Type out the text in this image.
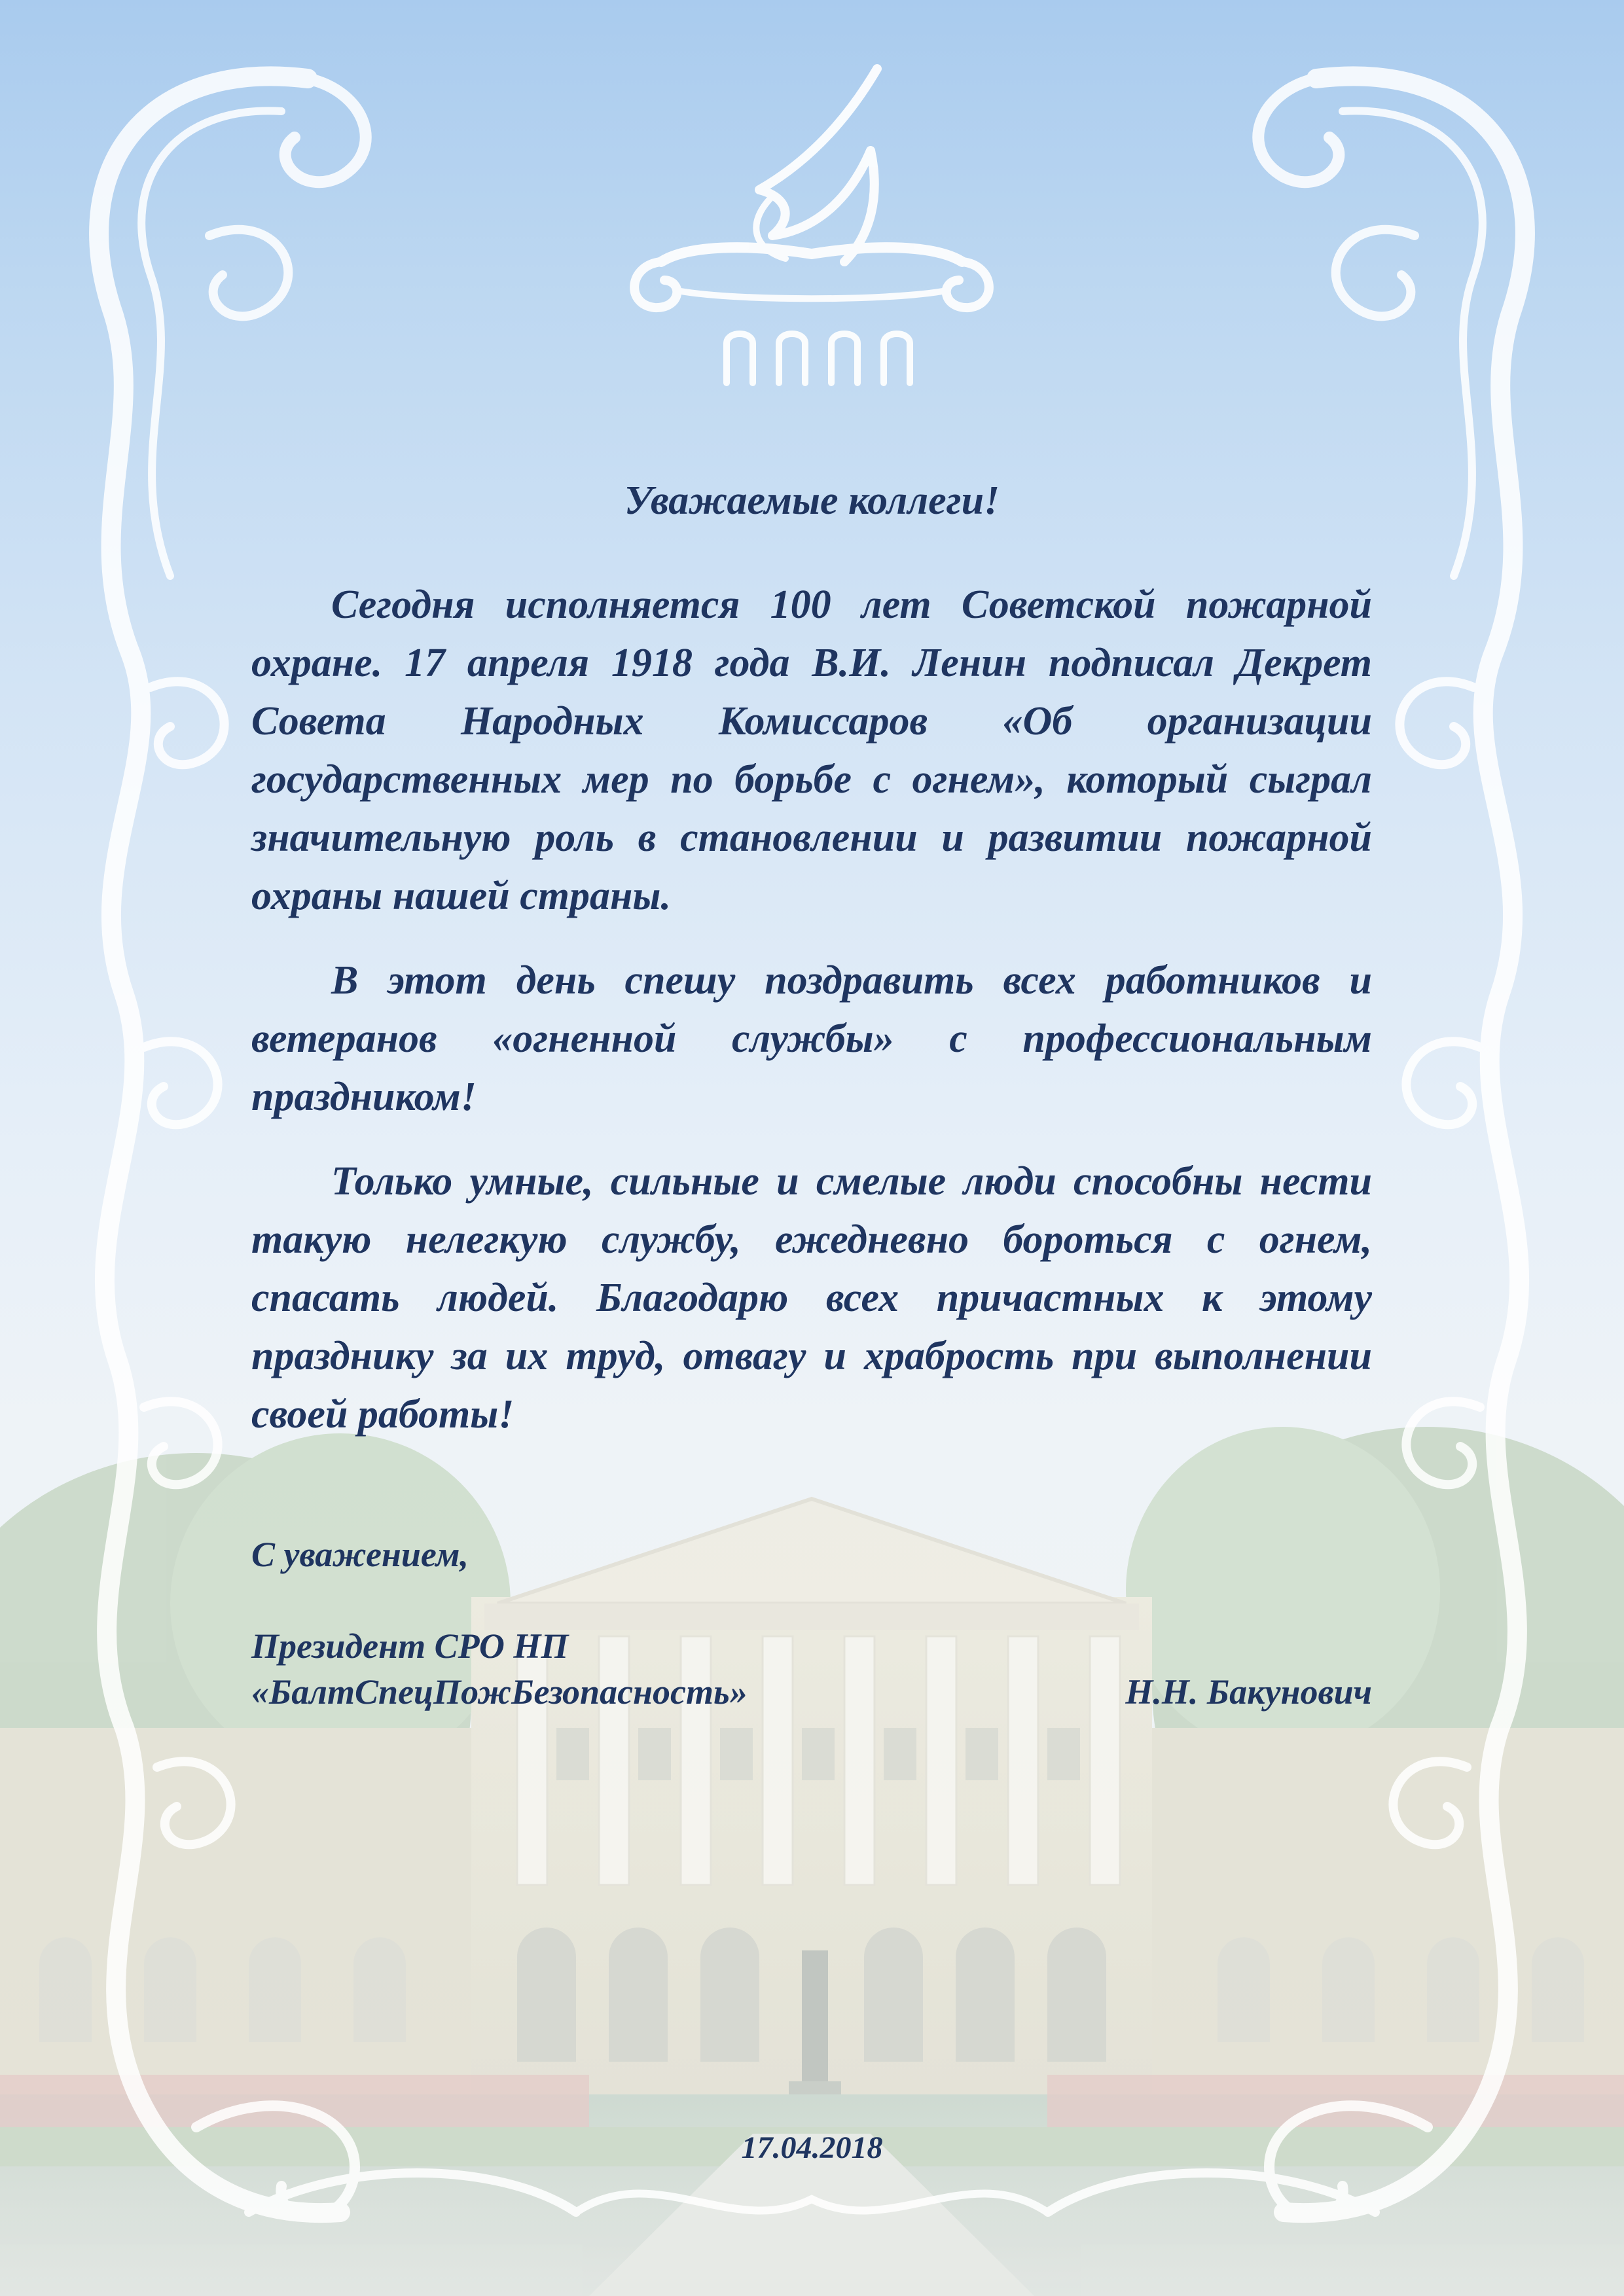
Уважаемые коллеги!

Сегодня исполняется 100 лет Советской пожарной охране. 17 апреля 1918 года В.И. Ленин подписал Декрет Совета Народных Комиссаров «Об организации государственных мер по борьбе с огнем», который сыграл значительную роль в становлении и развитии пожарной охраны нашей страны.

В этот день спешу поздравить всех работников и ветеранов «огненной службы» с профессиональным праздником!

Только умные, сильные и смелые люди способны нести такую нелегкую службу, ежедневно бороться с огнем, спасать людей. Благодарю всех причастных к этому празднику за их труд, отвагу и храбрость при выполнении своей работы!

С уважением,
Президент СРО НП
«БалтСпецПожБезопасность»	Н.Н. Бакунович
17.04.2018
